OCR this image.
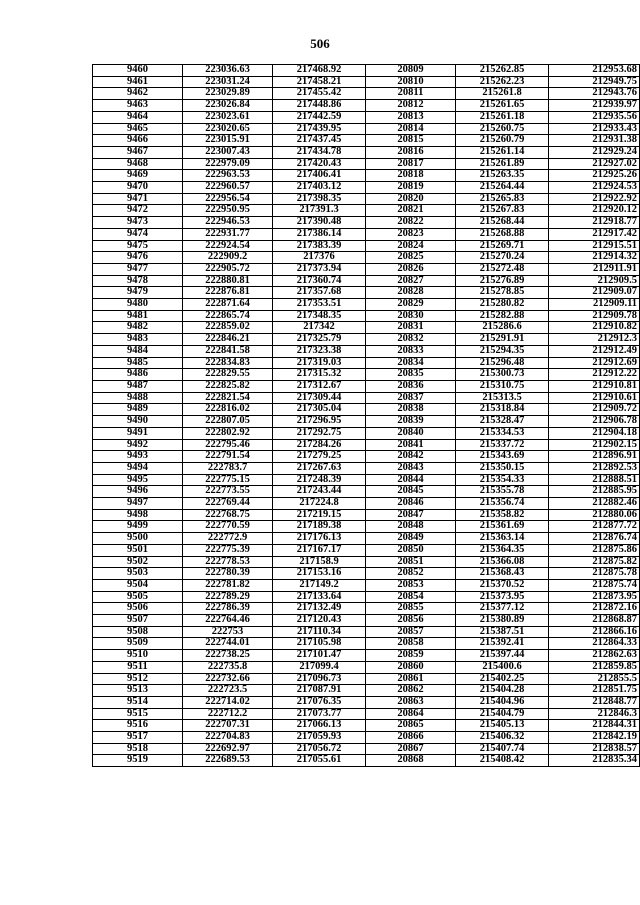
506
9460	223036.63	217468.92	20809	215262.85	212953.68
9461	223031.24	217458.21	20810	215262.23	212949.75
9462	223029.89	217455.42	20811	215261.8	212943.76
9463	223026.84	217448.86	20812	215261.65	212939.97
9464	223023.61	217442.59	20813	215261.18	212935.56
9465	223020.65	217439.95	20814	215260.75	212933.43
9466	223015.91	217437.45	20815	215260.79	212931.38
9467	223007.43	217434.78	20816	215261.14	212929.24
9468	222979.09	217420.43	20817	215261.89	212927.02
9469	222963.53	217406.41	20818	215263.35	212925.26
9470	222960.57	217403.12	20819	215264.44	212924.53
9471	222956.54	217398.35	20820	215265.83	212922.92
9472	222950.95	217391.3	20821	215267.83	212920.12
9473	222946.53	217390.48	20822	215268.44	212918.77
9474	222931.77	217386.14	20823	215268.88	212917.42
9475	222924.54	217383.39	20824	215269.71	212915.51
9476	222909.2	217376	20825	215270.24	212914.32
9477	222905.72	217373.94	20826	215272.48	212911.91
9478	222880.81	217360.74	20827	215276.89	212909.5
9479	222876.81	217357.68	20828	215278.85	212909.07
9480	222871.64	217353.51	20829	215280.82	212909.11
9481	222865.74	217348.35	20830	215282.88	212909.78
9482	222859.02	217342	20831	215286.6	212910.82
9483	222846.21	217325.79	20832	215291.91	212912.3
9484	222841.58	217323.38	20833	215294.35	212912.49
9485	222834.83	217319.03	20834	215296.48	212912.69
9486	222829.55	217315.32	20835	215300.73	212912.22
9487	222825.82	217312.67	20836	215310.75	212910.81
9488	222821.54	217309.44	20837	215313.5	212910.61
9489	222816.02	217305.04	20838	215318.84	212909.72
9490	222807.05	217296.95	20839	215328.47	212906.78
9491	222802.92	217292.75	20840	215334.53	212904.18
9492	222795.46	217284.26	20841	215337.72	212902.15
9493	222791.54	217279.25	20842	215343.69	212896.91
9494	222783.7	217267.63	20843	215350.15	212892.53
9495	222775.15	217248.39	20844	215354.33	212888.51
9496	222773.55	217243.44	20845	215355.78	212885.95
9497	222769.44	217224.8	20846	215356.74	212882.46
9498	222768.75	217219.15	20847	215358.82	212880.06
9499	222770.59	217189.38	20848	215361.69	212877.72
9500	222772.9	217176.13	20849	215363.14	212876.74
9501	222775.39	217167.17	20850	215364.35	212875.86
9502	222778.53	217158.9	20851	215366.08	212875.82
9503	222780.39	217153.16	20852	215368.43	212875.78
9504	222781.82	217149.2	20853	215370.52	212875.74
9505	222789.29	217133.64	20854	215373.95	212873.95
9506	222786.39	217132.49	20855	215377.12	212872.16
9507	222764.46	217120.43	20856	215380.89	212868.87
9508	222753	217110.34	20857	215387.51	212866.16
9509	222744.01	217105.98	20858	215392.41	212864.33
9510	222738.25	217101.47	20859	215397.44	212862.63
9511	222735.8	217099.4	20860	215400.6	212859.85
9512	222732.66	217096.73	20861	215402.25	212855.5
9513	222723.5	217087.91	20862	215404.28	212851.75
9514	222714.02	217076.35	20863	215404.96	212848.77
9515	222712.2	217073.77	20864	215404.79	212846.3
9516	222707.31	217066.13	20865	215405.13	212844.31
9517	222704.83	217059.93	20866	215406.32	212842.19
9518	222692.97	217056.72	20867	215407.74	212838.57
9519	222689.53	217055.61	20868	215408.42	212835.34
